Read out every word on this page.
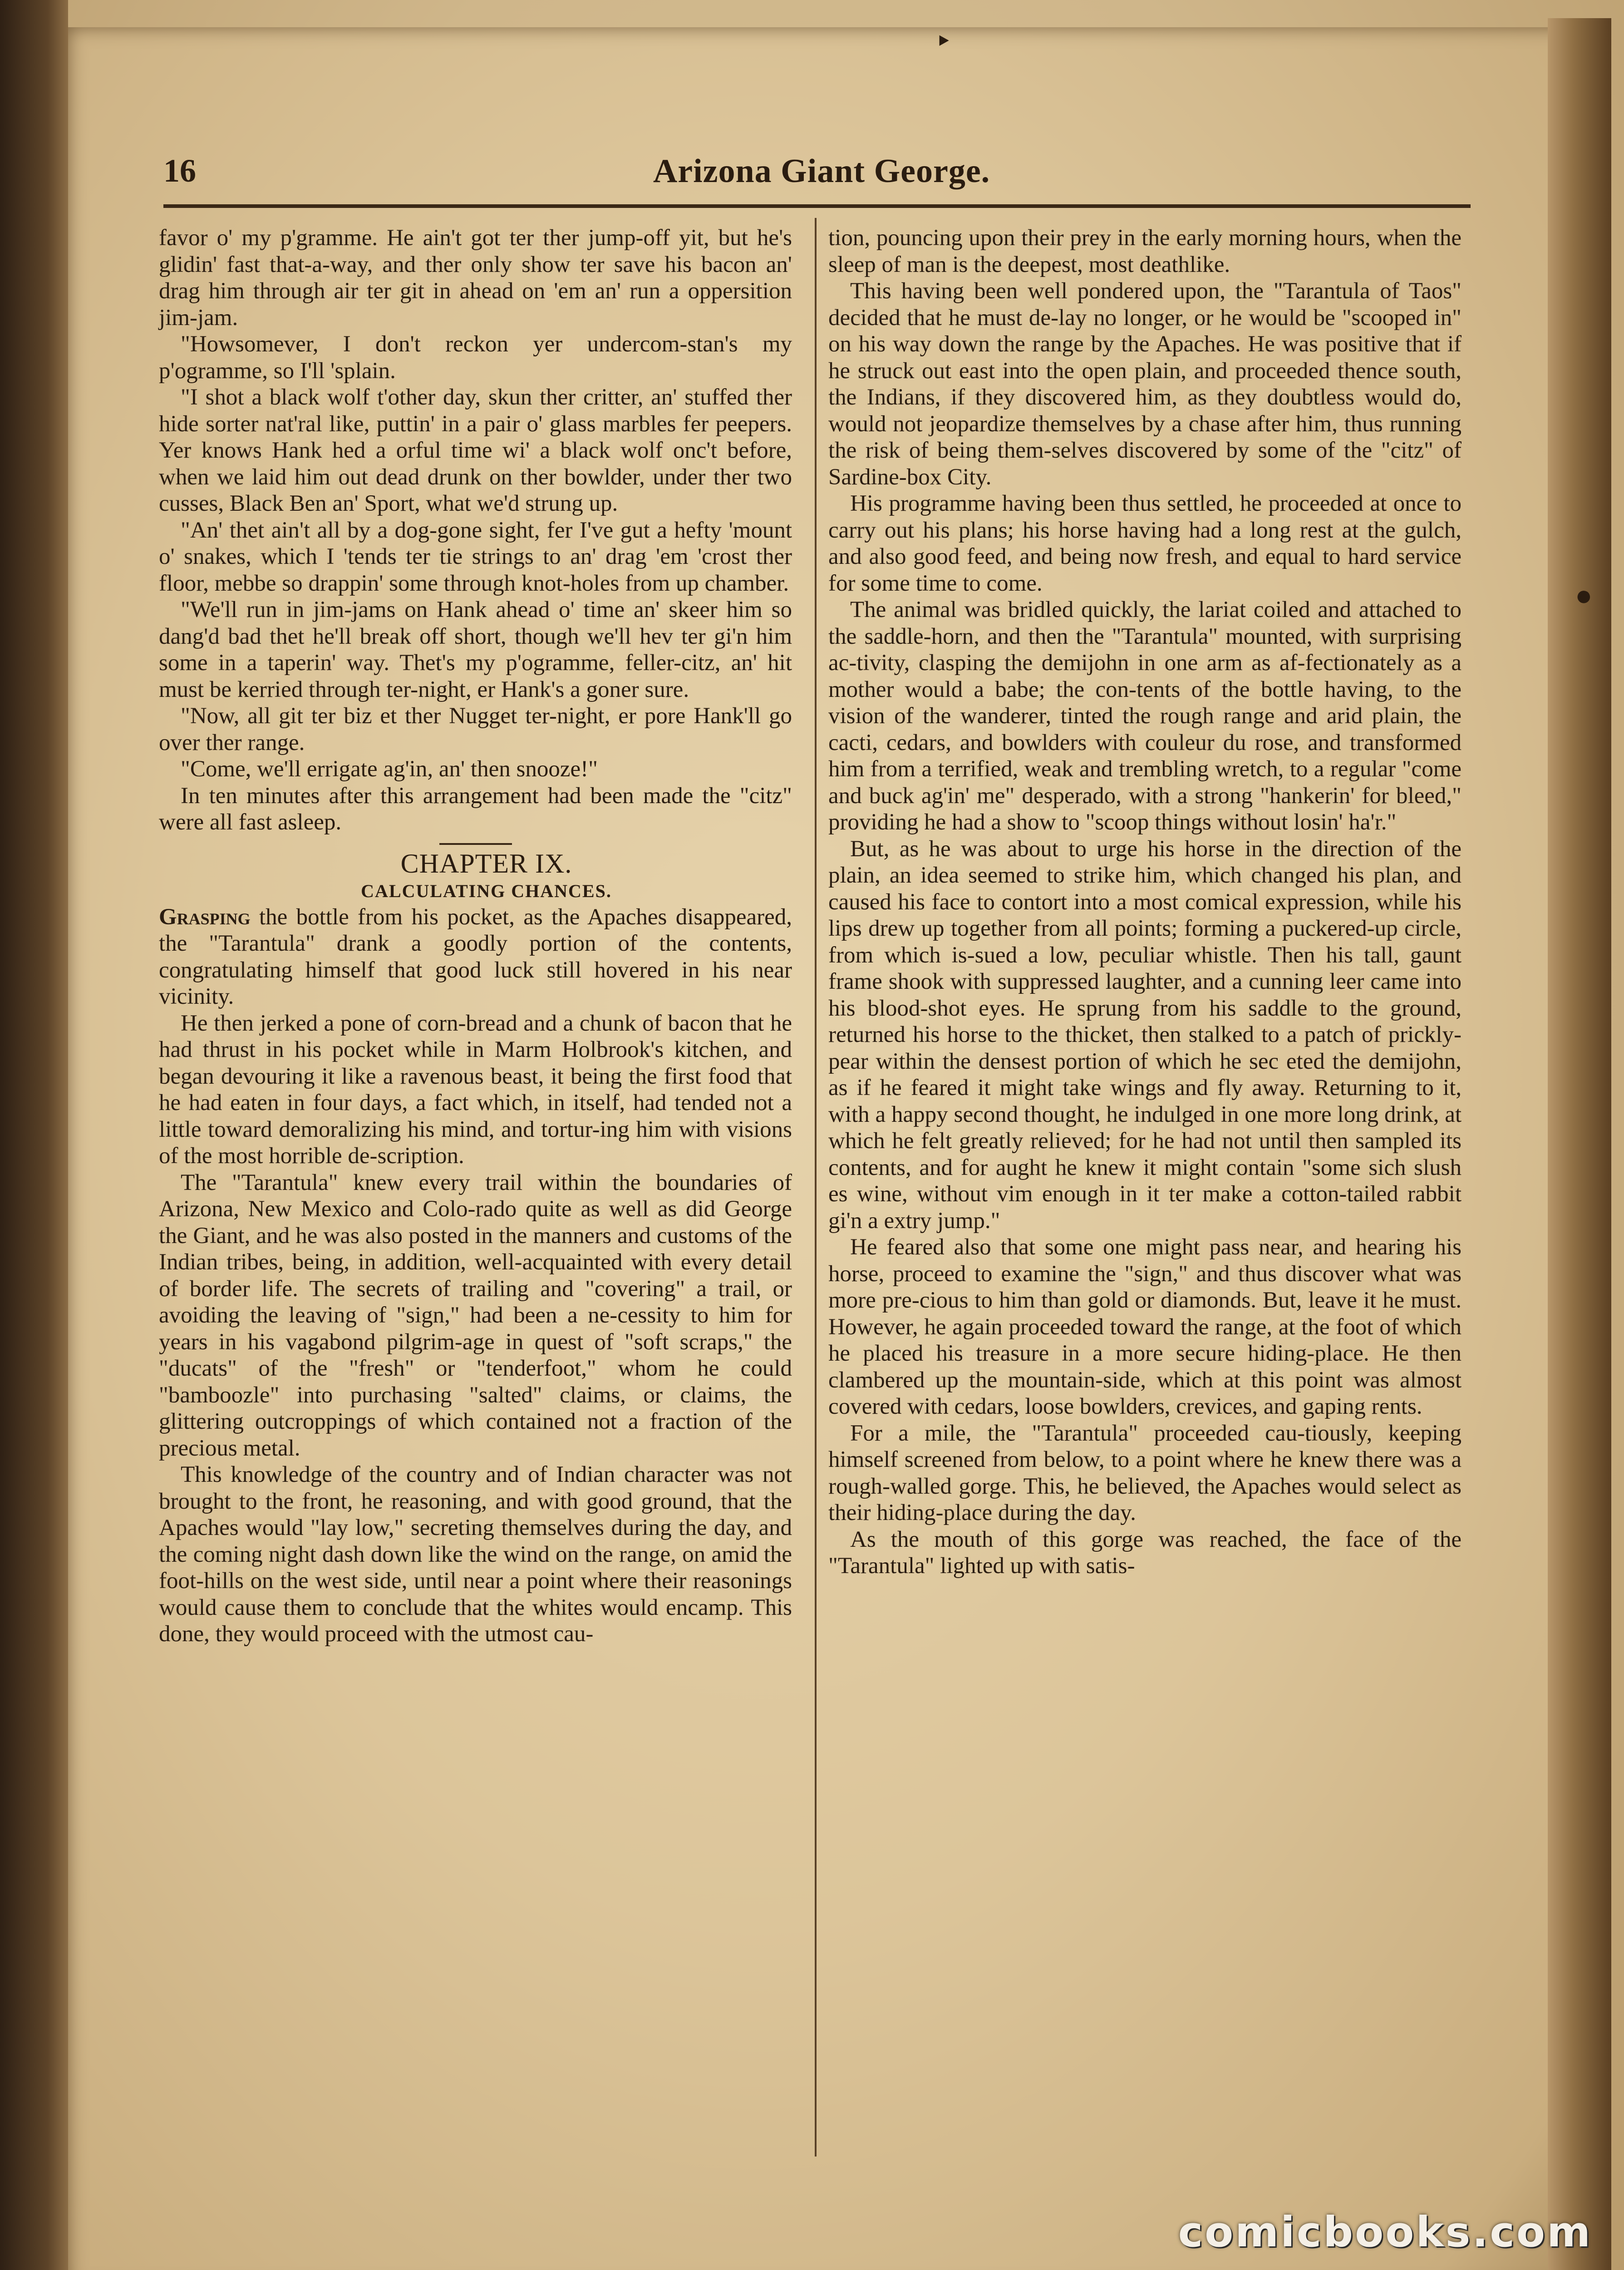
16	Arizona Giant George.

favor o' my p'gramme. He ain't got ter ther jump-off yit, but he's glidin' fast that-a-way, and ther only show ter save his bacon an' drag him through air ter git in ahead on 'em an' run a oppersition jim-jam.

"Howsomever, I don't reckon yer undercom-stan's my p'ogramme, so I'll 'splain.

"I shot a black wolf t'other day, skun ther critter, an' stuffed ther hide sorter nat'ral like, puttin' in a pair o' glass marbles fer peepers. Yer knows Hank hed a orful time wi' a black wolf onc't before, when we laid him out dead drunk on ther bowlder, under ther two cusses, Black Ben an' Sport, what we'd strung up.

"An' thet ain't all by a dog-gone sight, fer I've gut a hefty 'mount o' snakes, which I 'tends ter tie strings to an' drag 'em 'crost ther floor, mebbe so drappin' some through knot-holes from up chamber.

"We'll run in jim-jams on Hank ahead o' time an' skeer him so dang'd bad thet he'll break off short, though we'll hev ter gi'n him some in a taperin' way. Thet's my p'ogramme, feller-citz, an' hit must be kerried through ter-night, er Hank's a goner sure.

"Now, all git ter biz et ther Nugget ter-night, er pore Hank'll go over ther range.

"Come, we'll errigate ag'in, an' then snooze!"

In ten minutes after this arrangement had been made the "citz" were all fast asleep.

CHAPTER IX.

CALCULATING CHANCES.

Grasping the bottle from his pocket, as the Apaches disappeared, the "Tarantula" drank a goodly portion of the contents, congratulating himself that good luck still hovered in his near vicinity.

He then jerked a pone of corn-bread and a chunk of bacon that he had thrust in his pocket while in Marm Holbrook's kitchen, and began devouring it like a ravenous beast, it being the first food that he had eaten in four days, a fact which, in itself, had tended not a little toward demoralizing his mind, and tortur-ing him with visions of the most horrible de-scription.

The "Tarantula" knew every trail within the boundaries of Arizona, New Mexico and Colo-rado quite as well as did George the Giant, and he was also posted in the manners and customs of the Indian tribes, being, in addition, well-acquainted with every detail of border life. The secrets of trailing and "covering" a trail, or avoiding the leaving of "sign," had been a ne-cessity to him for years in his vagabond pilgrim-age in quest of "soft scraps," the "ducats" of the "fresh" or "tenderfoot," whom he could "bamboozle" into purchasing "salted" claims, or claims, the glittering outcroppings of which contained not a fraction of the precious metal.

This knowledge of the country and of Indian character was not brought to the front, he reasoning, and with good ground, that the Apaches would "lay low," secreting themselves during the day, and the coming night dash down like the wind on the range, on amid the foot-hills on the west side, until near a point where their reasonings would cause them to conclude that the whites would encamp. This done, they would proceed with the utmost cau-

tion, pouncing upon their prey in the early morning hours, when the sleep of man is the deepest, most deathlike.

This having been well pondered upon, the "Tarantula of Taos" decided that he must de-lay no longer, or he would be "scooped in" on his way down the range by the Apaches. He was positive that if he struck out east into the open plain, and proceeded thence south, the Indians, if they discovered him, as they doubtless would do, would not jeopardize themselves by a chase after him, thus running the risk of being them-selves discovered by some of the "citz" of Sardine-box City.

His programme having been thus settled, he proceeded at once to carry out his plans; his horse having had a long rest at the gulch, and also good feed, and being now fresh, and equal to hard service for some time to come.

The animal was bridled quickly, the lariat coiled and attached to the saddle-horn, and then the "Tarantula" mounted, with surprising ac-tivity, clasping the demijohn in one arm as af-fectionately as a mother would a babe; the con-tents of the bottle having, to the vision of the wanderer, tinted the rough range and arid plain, the cacti, cedars, and bowlders with couleur du rose, and transformed him from a terrified, weak and trembling wretch, to a regular "come and buck ag'in' me" desperado, with a strong "hankerin' for bleed," providing he had a show to "scoop things without losin' ha'r."

But, as he was about to urge his horse in the direction of the plain, an idea seemed to strike him, which changed his plan, and caused his face to contort into a most comical expression, while his lips drew up together from all points; forming a puckered-up circle, from which is-sued a low, peculiar whistle. Then his tall, gaunt frame shook with suppressed laughter, and a cunning leer came into his blood-shot eyes. He sprung from his saddle to the ground, returned his horse to the thicket, then stalked to a patch of prickly-pear within the densest portion of which he sec eted the demijohn, as if he feared it might take wings and fly away. Returning to it, with a happy second thought, he indulged in one more long drink, at which he felt greatly relieved; for he had not until then sampled its contents, and for aught he knew it might contain "some sich slush es wine, without vim enough in it ter make a cotton-tailed rabbit gi'n a extry jump."

He feared also that some one might pass near, and hearing his horse, proceed to examine the "sign," and thus discover what was more pre-cious to him than gold or diamonds. But, leave it he must. However, he again proceeded toward the range, at the foot of which he placed his treasure in a more secure hiding-place. He then clambered up the mountain-side, which at this point was almost covered with cedars, loose bowlders, crevices, and gaping rents.

For a mile, the "Tarantula" proceeded cau-tiously, keeping himself screened from below, to a point where he knew there was a rough-walled gorge. This, he believed, the Apaches would select as their hiding-place during the day.

As the mouth of this gorge was reached, the face of the "Tarantula" lighted up with satis-

‣
●
comicbooks.com
